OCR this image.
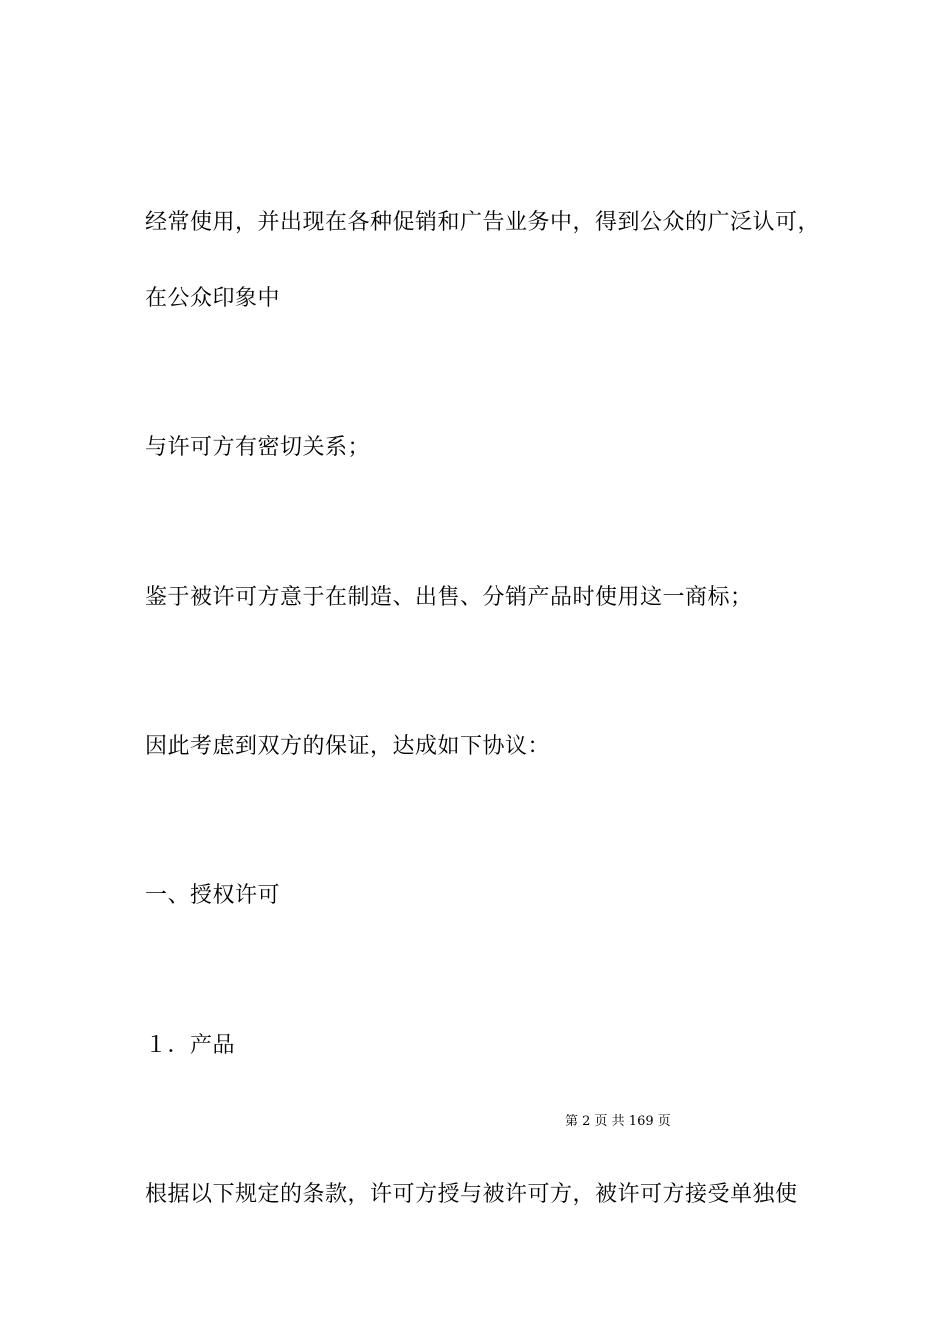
经常使用，并出现在各种促销和广告业务中，得到公众的广泛认可，
在公众印象中
与许可方有密切关系；
鉴于被许可方意于在制造、出售、分销产品时使用这一商标；
因此考虑到双方的保证，达成如下协议：
一、授权许可
１．产品
第 2 页 共 169 页
根据以下规定的条款，许可方授与被许可方，被许可方接受单独使
